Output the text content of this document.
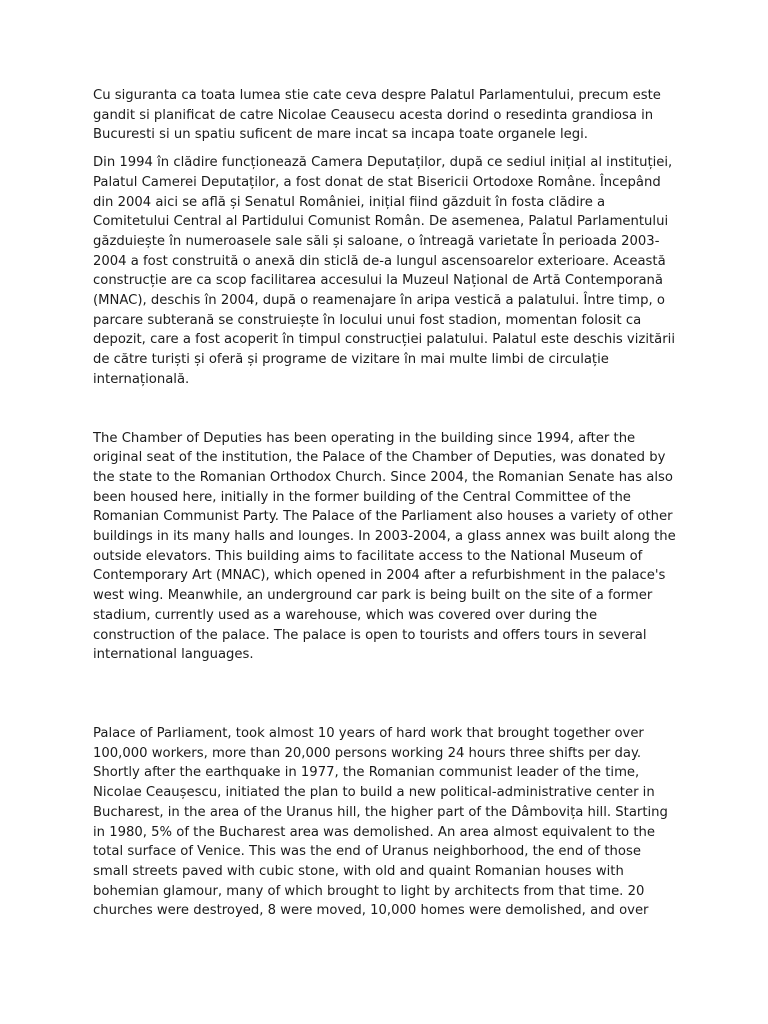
Cu siguranta ca toata lumea stie cate ceva despre Palatul Parlamentului, precum este gandit si planificat de catre Nicolae Ceausecu acesta dorind o resedinta grandiosa in Bucuresti si un spatiu suficent de mare incat sa incapa toate organele legi.

Din 1994 în clădire funcționează Camera Deputaților, după ce sediul inițial al instituției, Palatul Camerei Deputaților, a fost donat de stat Bisericii Ortodoxe Române. Începând din 2004 aici se află și Senatul României, inițial fiind găzduit în fosta clădire a Comitetului Central al Partidului Comunist Român. De asemenea, Palatul Parlamentului găzduiește în numeroasele sale săli și saloane, o întreagă varietate În perioada 2003-2004 a fost construită o anexă din sticlă de-a lungul ascensoarelor exterioare. Această construcție are ca scop facilitarea accesului la Muzeul Național de Artă Contemporană (MNAC), deschis în 2004, după o reamenajare în aripa vestică a palatului. Între timp, o parcare subterană se construiește în locului unui fost stadion, momentan folosit ca depozit, care a fost acoperit în timpul construcției palatului. Palatul este deschis vizitării de către turiști și oferă și programe de vizitare în mai multe limbi de circulație internațională.

The Chamber of Deputies has been operating in the building since 1994, after the original seat of the institution, the Palace of the Chamber of Deputies, was donated by the state to the Romanian Orthodox Church. Since 2004, the Romanian Senate has also been housed here, initially in the former building of the Central Committee of the Romanian Communist Party. The Palace of the Parliament also houses a variety of other buildings in its many halls and lounges. In 2003-2004, a glass annex was built along the outside elevators. This building aims to facilitate access to the National Museum of Contemporary Art (MNAC), which opened in 2004 after a refurbishment in the palace's west wing. Meanwhile, an underground car park is being built on the site of a former stadium, currently used as a warehouse, which was covered over during the construction of the palace. The palace is open to tourists and offers tours in several international languages.

Palace of Parliament, took almost 10 years of hard work that brought together over 100,000 workers, more than 20,000 persons working 24 hours three shifts per day. Shortly after the earthquake in 1977, the Romanian communist leader of the time, Nicolae Ceaușescu, initiated the plan to build a new political-administrative center in Bucharest, in the area of the Uranus hill, the higher part of the Dâmbovița hill. Starting in 1980, 5% of the Bucharest area was demolished. An area almost equivalent to the total surface of Venice. This was the end of Uranus neighborhood, the end of those small streets paved with cubic stone, with old and quaint Romanian houses with bohemian glamour, many of which brought to light by architects from that time. 20 churches were destroyed, 8 were moved, 10,000 homes were demolished, and over
